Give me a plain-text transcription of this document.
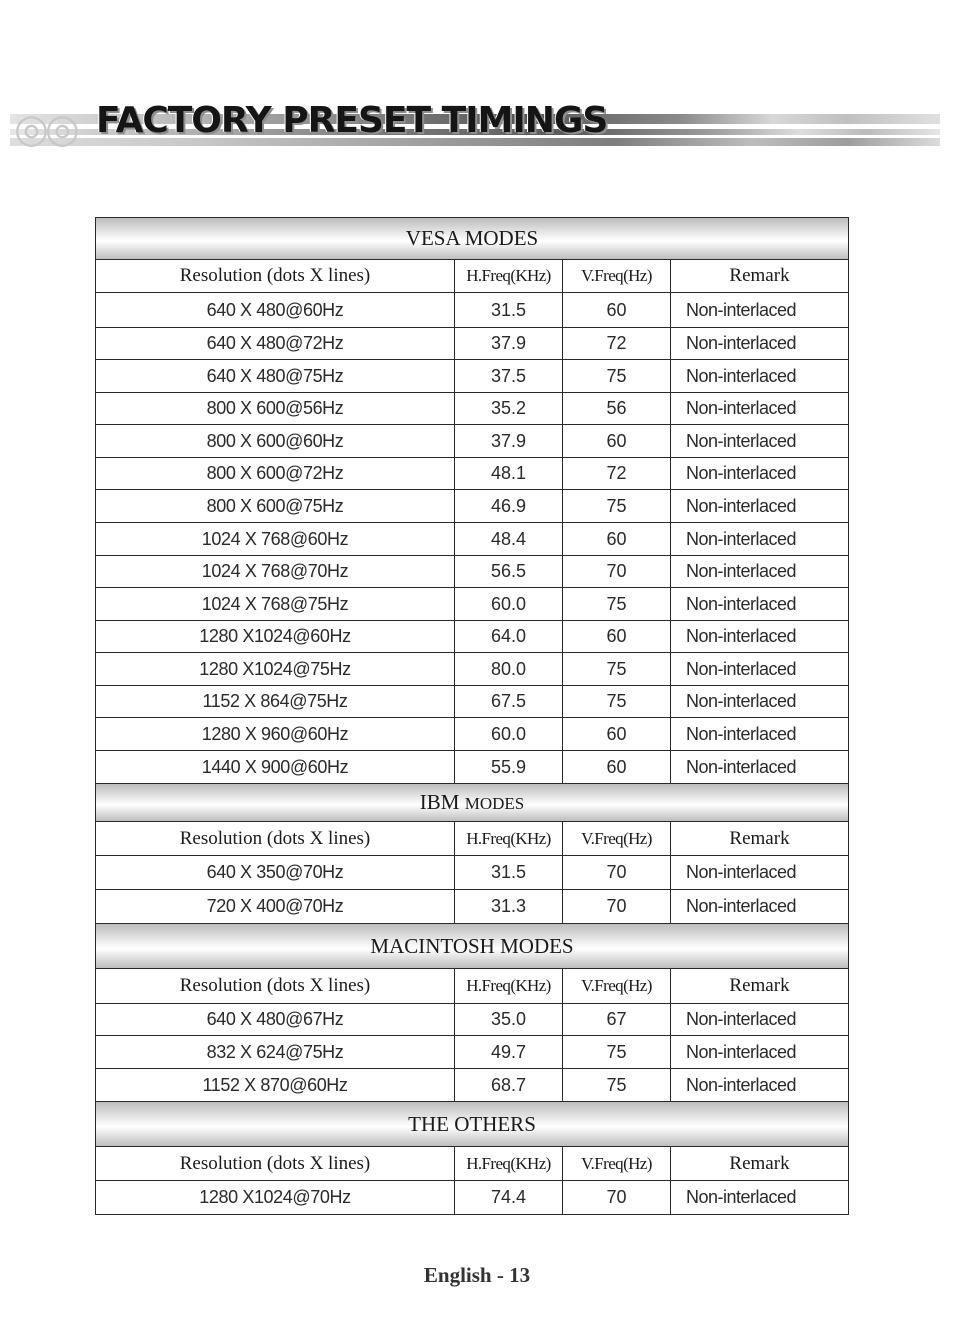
◎◎ FACTORY PRESET TIMINGS
VESA MODES			
Resolution (dots X lines)	H.Freq(KHz)	V.Freq(Hz)	Remark
640 X 480@60Hz	31.5	60	Non-interlaced
640 X 480@72Hz	37.9	72	Non-interlaced
640 X 480@75Hz	37.5	75	Non-interlaced
800 X 600@56Hz	35.2	56	Non-interlaced
800 X 600@60Hz	37.9	60	Non-interlaced
800 X 600@72Hz	48.1	72	Non-interlaced
800 X 600@75Hz	46.9	75	Non-interlaced
1024 X 768@60Hz	48.4	60	Non-interlaced
1024 X 768@70Hz	56.5	70	Non-interlaced
1024 X 768@75Hz	60.0	75	Non-interlaced
1280 X1024@60Hz	64.0	60	Non-interlaced
1280 X1024@75Hz	80.0	75	Non-interlaced
1152 X 864@75Hz	67.5	75	Non-interlaced
1280 X 960@60Hz	60.0	60	Non-interlaced
1440 X 900@60Hz	55.9	60	Non-interlaced
IBM MODES			
Resolution (dots X lines)	H.Freq(KHz)	V.Freq(Hz)	Remark
640 X 350@70Hz	31.5	70	Non-interlaced
720 X 400@70Hz	31.3	70	Non-interlaced
MACINTOSH MODES			
Resolution (dots X lines)	H.Freq(KHz)	V.Freq(Hz)	Remark
640 X 480@67Hz	35.0	67	Non-interlaced
832 X 624@75Hz	49.7	75	Non-interlaced
1152 X 870@60Hz	68.7	75	Non-interlaced
THE OTHERS			
Resolution (dots X lines)	H.Freq(KHz)	V.Freq(Hz)	Remark
1280 X1024@70Hz	74.4	70	Non-interlaced
English - 13
